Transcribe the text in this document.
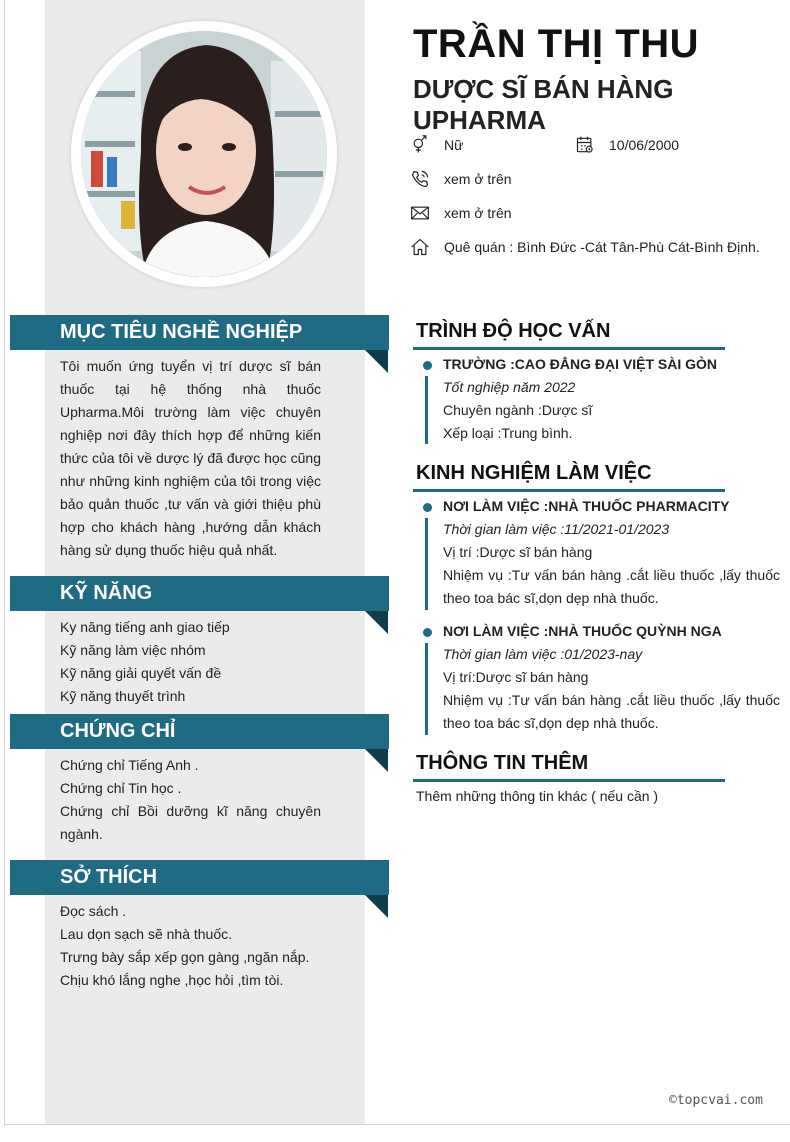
TRẦN THỊ THU
DƯỢC SĨ BÁN HÀNG UPHARMA
Nữ	10/06/2000
xem ở trên
xem ở trên
Quê quán : Bình Đức -Cát Tân-Phù Cát-Bình Định.
MỤC TIÊU NGHỀ NGHIỆP
Tôi muốn ứng tuyển vị trí dược sĩ bán thuốc tại hệ thống nhà thuốc Upharma.Môi trường làm việc chuyên nghiệp nơi đây thích hợp để những kiến thức của tôi về dược lý đã được học cũng như những kinh nghiệm của tôi trong việc bảo quản thuốc ,tư vấn và giới thiệu phù hợp cho khách hàng ,hướng dẫn khách hàng sử dụng thuốc hiệu quả nhất.
KỸ NĂNG
Ky năng tiếng anh giao tiếp
Kỹ năng làm việc nhóm
Kỹ năng giải quyết vấn đề
Kỹ năng thuyết trình
CHỨNG CHỈ
Chứng chỉ Tiếng Anh .
Chứng chỉ Tin học .
Chứng chỉ Bồi dưỡng kĩ năng chuyên ngành.
SỞ THÍCH
Đọc sách .
Lau dọn sạch sẽ nhà thuốc.
Trưng bày sắp xếp gọn gàng ,ngăn nắp.
Chịu khó lắng nghe ,học hỏi ,tìm tòi.
TRÌNH ĐỘ HỌC VẤN
TRƯỜNG :CAO ĐẲNG ĐẠI VIỆT SÀI GÒN
Tốt nghiệp năm 2022
Chuyên ngành :Dược sĩ
Xếp loại :Trung bình.
KINH NGHIỆM LÀM VIỆC
NƠI LÀM VIỆC :NHÀ THUỐC PHARMACITY
Thời gian làm việc :11/2021-01/2023
Vị trí :Dược sĩ bán hàng
Nhiệm vụ :Tư vấn bán hàng .cắt liều thuốc ,lấy thuốc theo toa bác sĩ,dọn dẹp nhà thuốc.
NƠI LÀM VIỆC :NHÀ THUỐC QUỲNH NGA
Thời gian làm việc :01/2023-nay
Vị trí:Dược sĩ bán hàng
Nhiệm vụ :Tư vấn bán hàng .cắt liều thuốc ,lấy thuốc theo toa bác sĩ,dọn dẹp nhà thuốc.
THÔNG TIN THÊM
Thêm những thông tin khác ( nếu cần )
©topcvai.com
